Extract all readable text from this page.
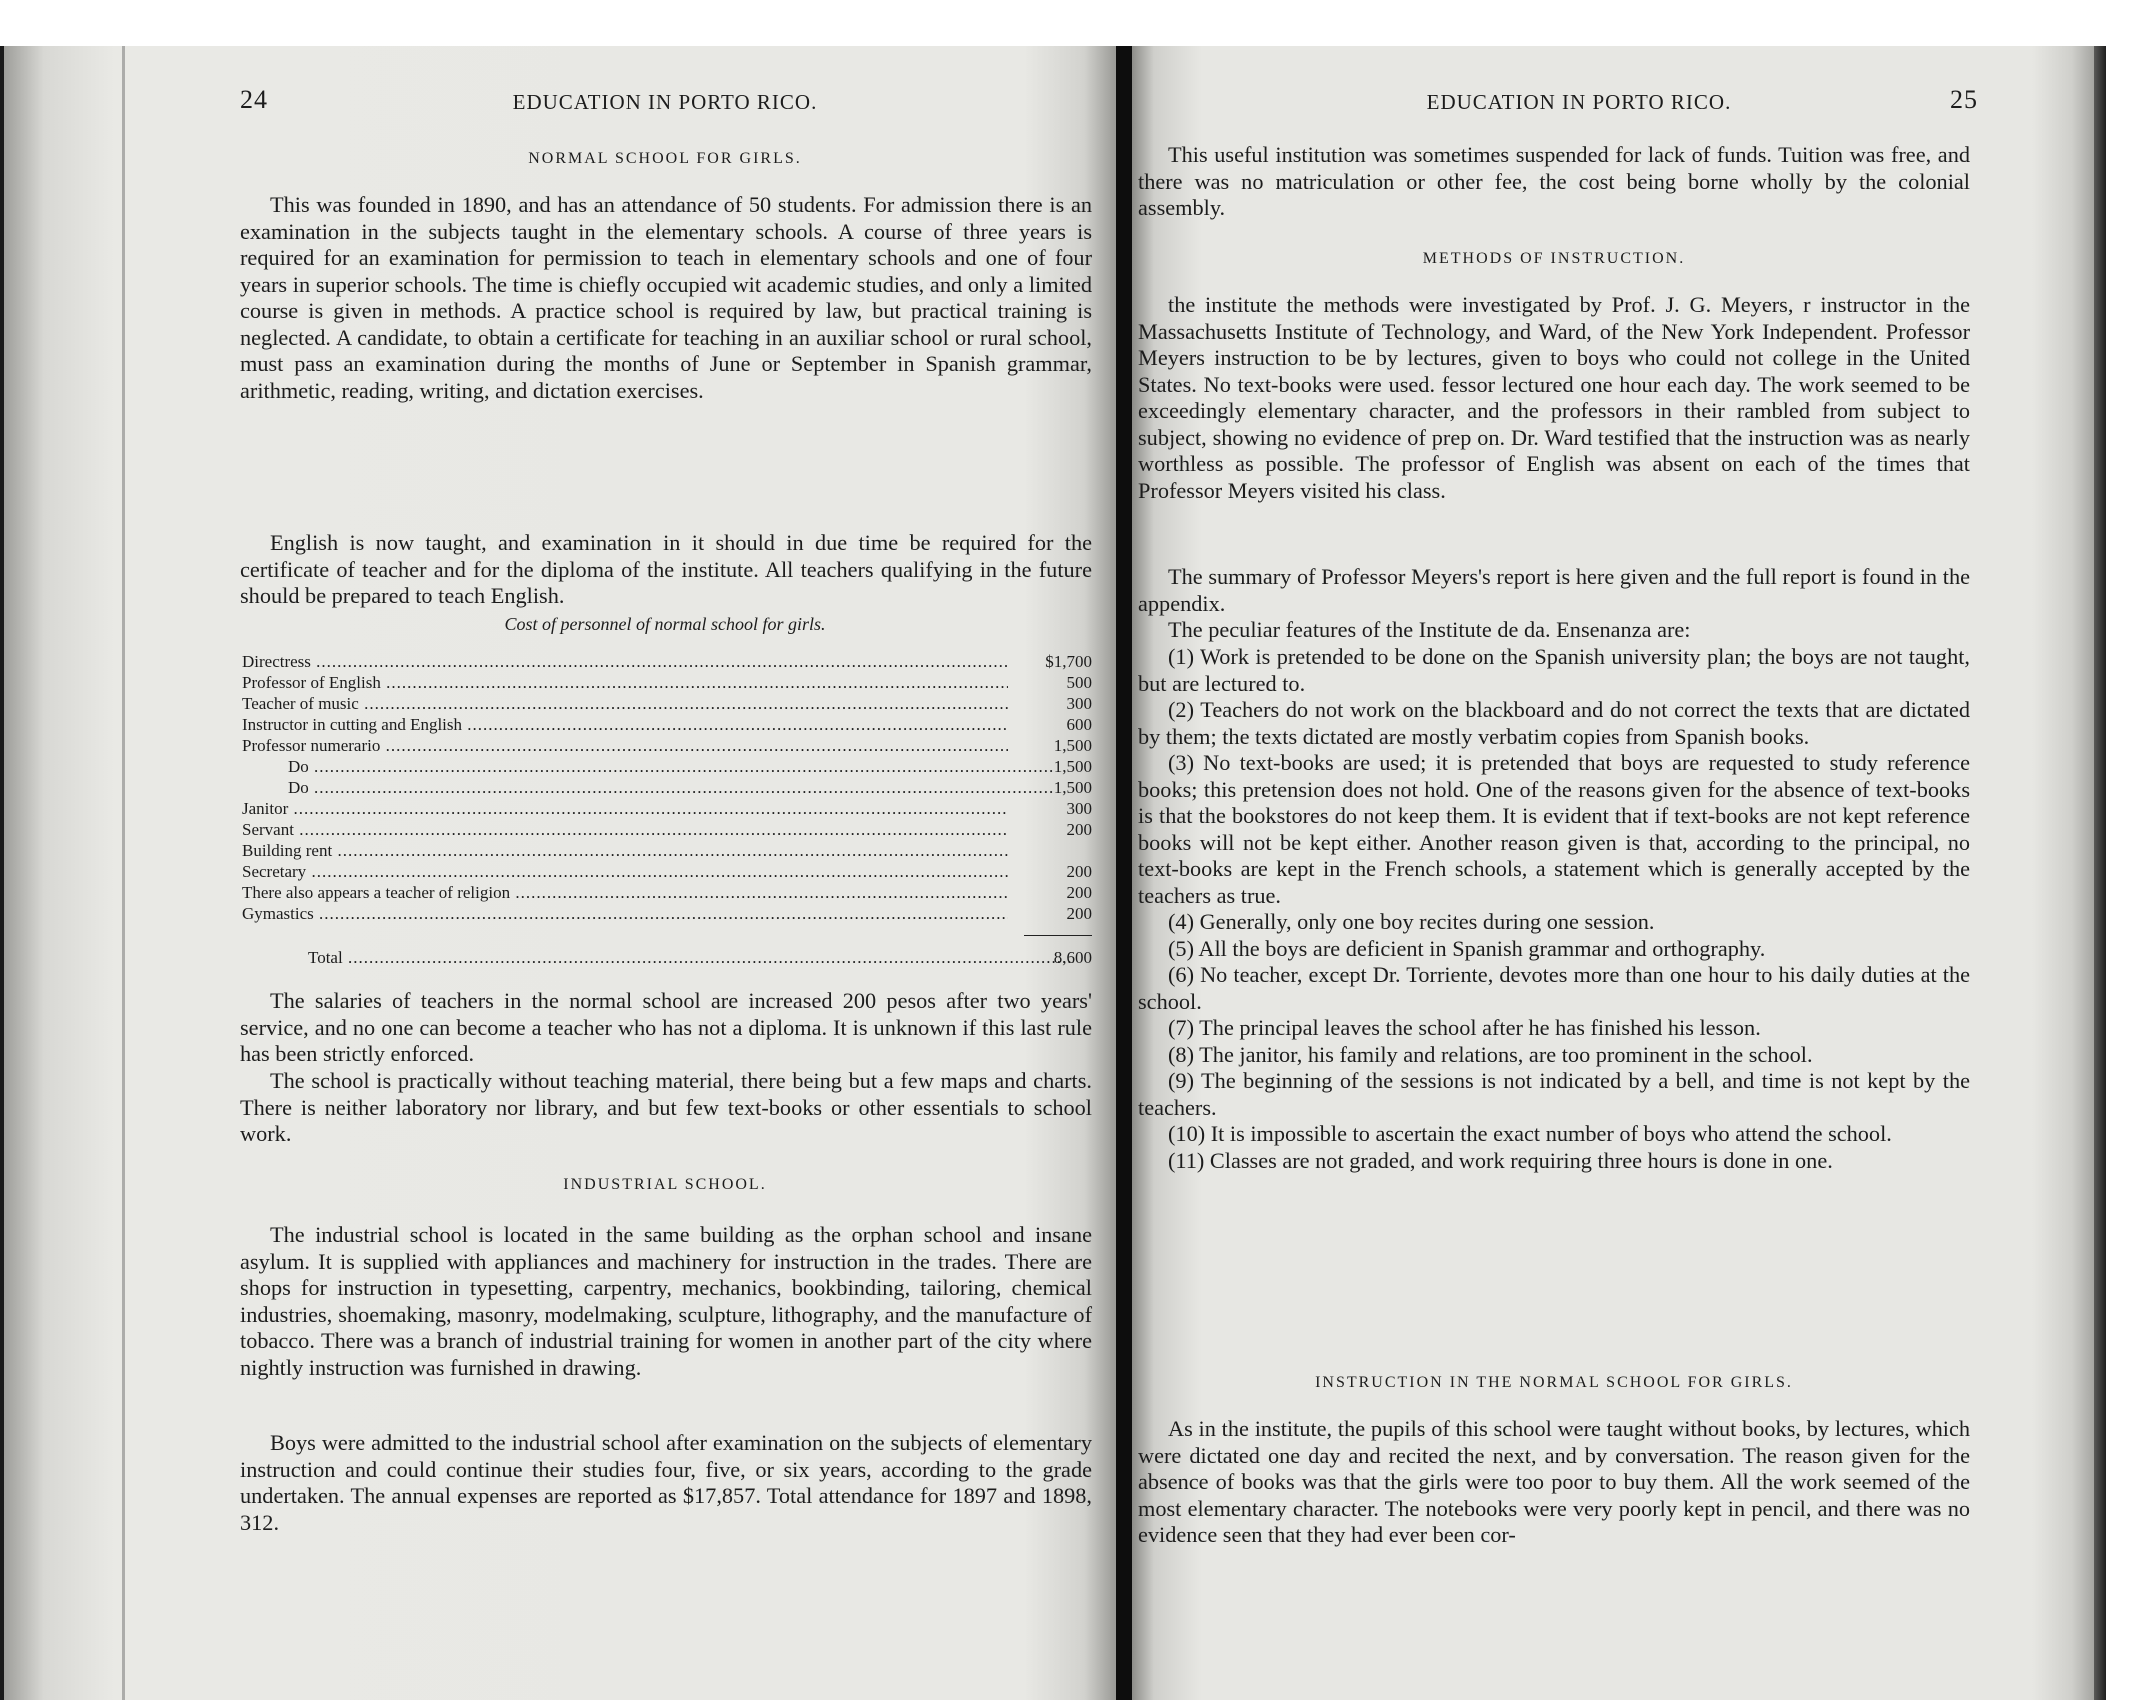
24	EDUCATION IN PORTO RICO.
NORMAL SCHOOL FOR GIRLS.

This was founded in 1890, and has an attendance of 50 students. For admission there is an examination in the subjects taught in the elementary schools. A course of three years is required for an examination for permission to teach in elementary schools and one of four years in superior schools. The time is chiefly occupied wit academic studies, and only a limited course is given in methods. A practice school is required by law, but practical training is neglected. A candidate, to obtain a certificate for teaching in an auxiliar school or rural school, must pass an examination during the months of June or September in Spanish grammar, arithmetic, reading, writing, and dictation exercises.

English is now taught, and examination in it should in due time be required for the certificate of teacher and for the diploma of the institute. All teachers qualifying in the future should be prepared to teach English.

Cost of personnel of normal school for girls.
Directress .....	$1,700
Professor of English .....	500
Teacher of music .....	300
Instructor in cutting and English .....	600
Professor numerario .....	1,500
Do .....	1,500
Do .....	1,500
Janitor .....	300
Servant .....	200
Building rent .....
Secretary .....	200
There also appears a teacher of religion .....	200
Gymastics .....	200
Total .....	8,600

The salaries of teachers in the normal school are increased 200 pesos after two years' service, and no one can become a teacher who has not a diploma. It is unknown if this last rule has been strictly enforced.

The school is practically without teaching material, there being but a few maps and charts. There is neither laboratory nor library, and but few text-books or other essentials to school work.

INDUSTRIAL SCHOOL.

The industrial school is located in the same building as the orphan school and insane asylum. It is supplied with appliances and machinery for instruction in the trades. There are shops for instruction in typesetting, carpentry, mechanics, bookbinding, tailoring, chemical industries, shoemaking, masonry, modelmaking, sculpture, lithography, and the manufacture of tobacco. There was a branch of industrial training for women in another part of the city where nightly instruction was furnished in drawing.

Boys were admitted to the industrial school after examination on the subjects of elementary instruction and could continue their studies four, five, or six years, according to the grade undertaken. The annual expenses are reported as $17,857. Total attendance for 1897 and 1898, 312.

EDUCATION IN PORTO RICO.	25

This useful institution was sometimes suspended for lack of funds. Tuition was free, and there was no matriculation or other fee, the cost being borne wholly by the colonial assembly.

METHODS OF INSTRUCTION.

the institute the methods were investigated by Prof. J. G. Meyers, r instructor in the Massachusetts Institute of Technology, and Ward, of the New York Independent. Professor Meyers instruction to be by lectures, given to boys who could not college in the United States. No text-books were used. fessor lectured one hour each day. The work seemed to be exceedingly elementary character, and the professors in their rambled from subject to subject, showing no evidence of prep on. Dr. Ward testified that the instruction was as nearly worthless as possible. The professor of English was absent on each of the times that Professor Meyers visited his class.

The summary of Professor Meyers's report is here given and the full report is found in the appendix.

The peculiar features of the Institute de da. Ensenanza are:

(1) Work is pretended to be done on the Spanish university plan; the boys are not taught, but are lectured to.

(2) Teachers do not work on the blackboard and do not correct the texts that are dictated by them; the texts dictated are mostly verbatim copies from Spanish books.

(3) No text-books are used; it is pretended that boys are requested to study reference books; this pretension does not hold. One of the reasons given for the absence of text-books is that the bookstores do not keep them. It is evident that if text-books are not kept reference books will not be kept either. Another reason given is that, according to the principal, no text-books are kept in the French schools, a statement which is generally accepted by the teachers as true.

(4) Generally, only one boy recites during one session.

(5) All the boys are deficient in Spanish grammar and orthography.

(6) No teacher, except Dr. Torriente, devotes more than one hour to his daily duties at the school.

(7) The principal leaves the school after he has finished his lesson.

(8) The janitor, his family and relations, are too prominent in the school.

(9) The beginning of the sessions is not indicated by a bell, and time is not kept by the teachers.

(10) It is impossible to ascertain the exact number of boys who attend the school.

(11) Classes are not graded, and work requiring three hours is done in one.

INSTRUCTION IN THE NORMAL SCHOOL FOR GIRLS.

As in the institute, the pupils of this school were taught without books, by lectures, which were dictated one day and recited the next, and by conversation. The reason given for the absence of books was that the girls were too poor to buy them. All the work seemed of the most elementary character. The notebooks were very poorly kept in pencil, and there was no evidence seen that they had ever been cor-
